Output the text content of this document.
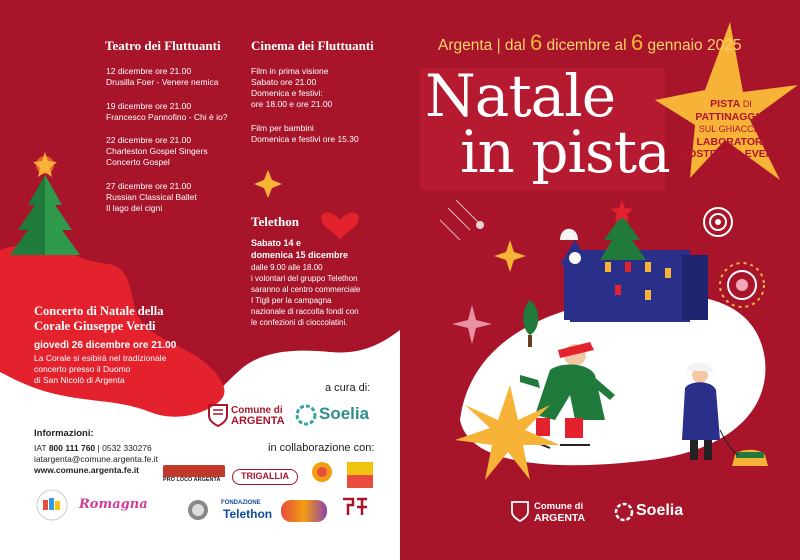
Teatro dei Fluttuanti
12 dicembre ore 21.00
Drusilla Foer - Venere nemica
19 dicembre ore 21.00
Francesco Pannofino - Chi è io?
22 dicembre ore 21.00
Charleston Gospel Singers
Concerto Gospel
27 dicembre ore 21.00
Russian Classical Ballet
Il lago dei cigni
Cinema dei Fluttuanti
Film in prima visione
Sabato ore 21.00
Domenica e festivi:
ore 18.00 e ore 21.00
Film per bambini
Domenica e festivi ore 15.30
Telethon
Sabato 14 e
domenica 15 dicembre
dalle 9.00 alle 18.00
i volontari del gruppo Telethon
saranno al centro commerciale
I Tigli per la campagna
nazionale di raccolta fondi con
le confezioni di cioccolatini.
Concerto di Natale della
Corale Giuseppe Verdi
giovedì 26 dicembre ore 21.00
La Corale si esibirà nel tradizionale
concerto presso il Duomo
di San Nicolò di Argenta
Informazioni:
IAT 800 111 760 | 0532 330276
iatargenta@comune.argenta.fe.it
www.comune.argenta.fe.it
a cura di:
Comune di
ARGENTA Soelia
in collaborazione con:
PRO LOCO ARGENTA	TRIGALLIA
FONDAZIONE
Telethon
Romagna	Comune di
ARGENTA	Soelia
Argenta | dal 6 dicembre al 6 gennaio 2025
Natale
in pista
PISTA DI
PATTINAGGIO
SUL GHIACCIO
LABORATORI
MOSTRE ED EVENTI
